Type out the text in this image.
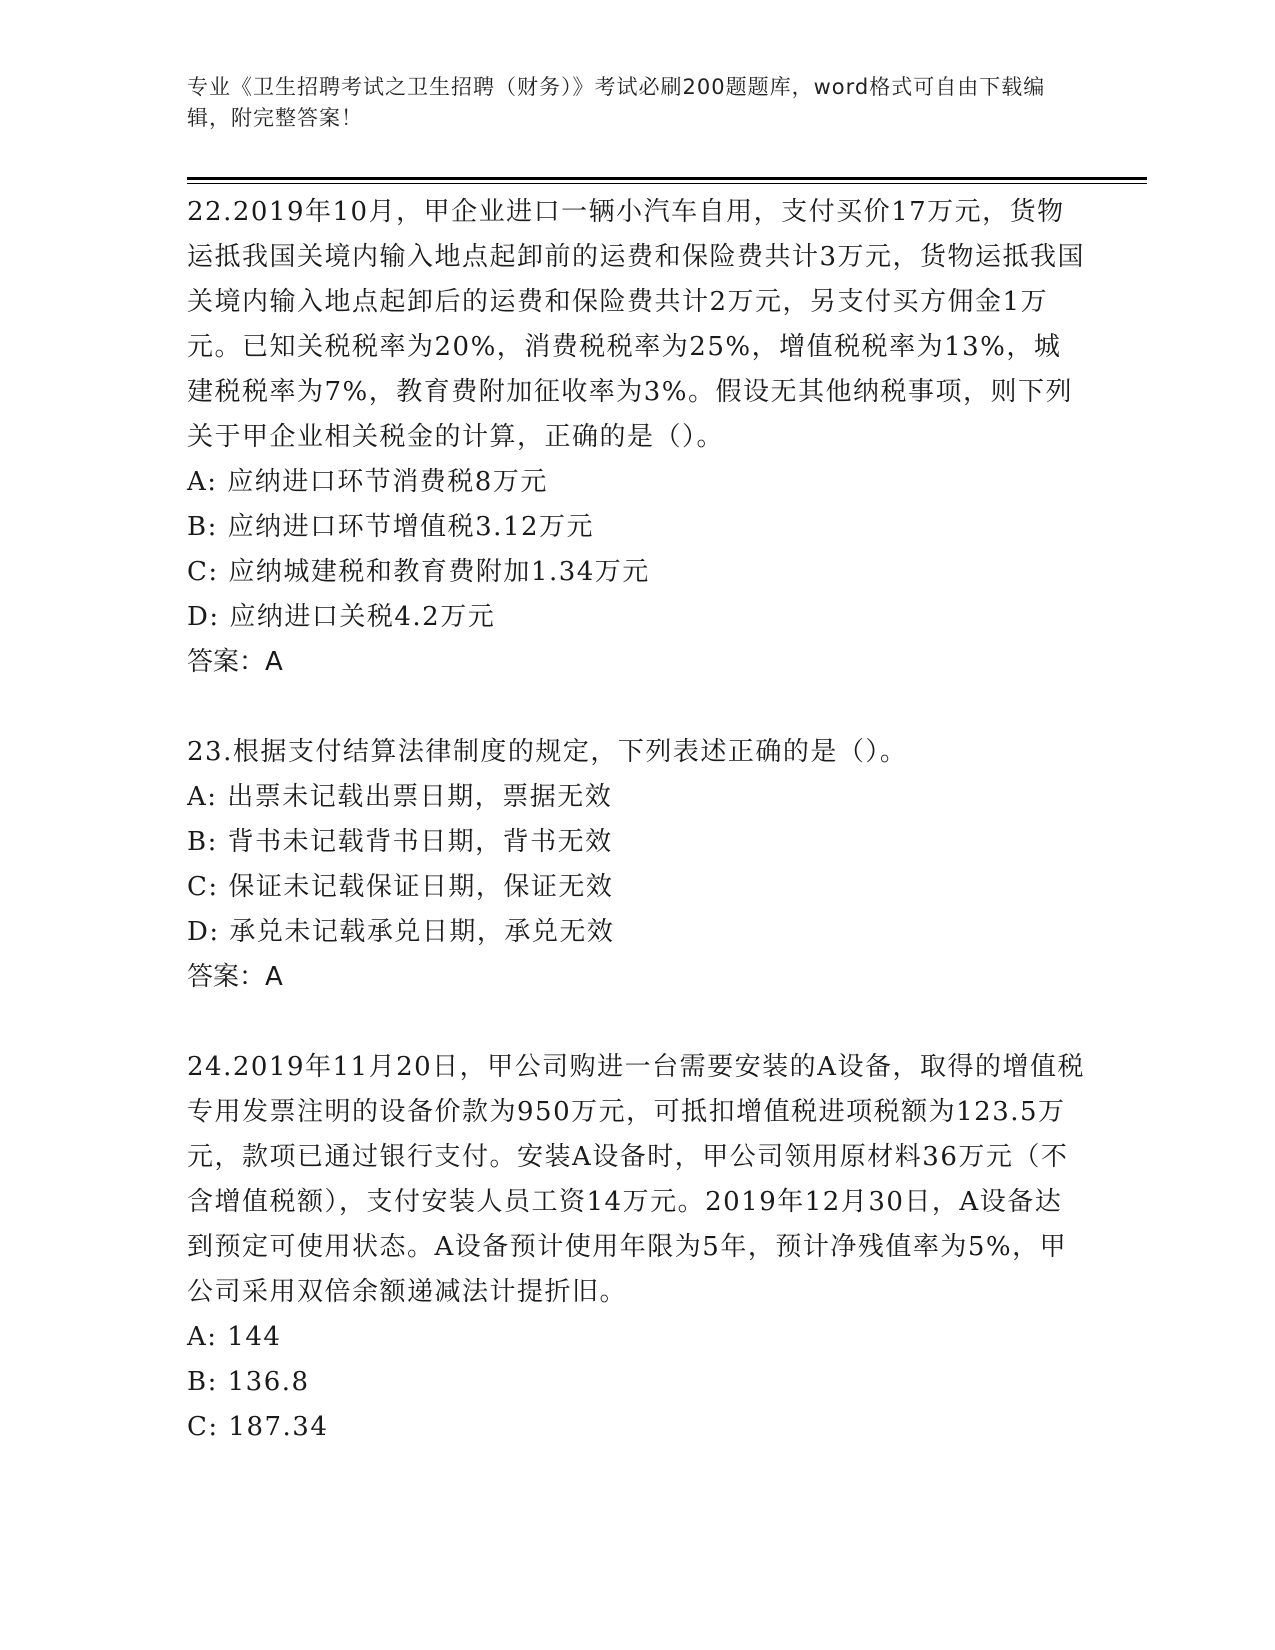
专业《卫生招聘考试之卫生招聘（财务）》考试必刷200题题库，word格式可自由下载编辑，附完整答案！

22.2019年10月，甲企业进口一辆小汽车自用，支付买价17万元，货物运抵我国关境内输入地点起卸前的运费和保险费共计3万元，货物运抵我国关境内输入地点起卸后的运费和保险费共计2万元，另支付买方佣金1万元。已知关税税率为20%，消费税税率为25%，增值税税率为13%，城建税税率为7%，教育费附加征收率为3%。假设无其他纳税事项，则下列关于甲企业相关税金的计算，正确的是（）。

A: 应纳进口环节消费税8万元

B: 应纳进口环节增值税3.12万元

C: 应纳城建税和教育费附加1.34万元

D: 应纳进口关税4.2万元

答案：A

23.根据支付结算法律制度的规定，下列表述正确的是（）。

A: 出票未记载出票日期，票据无效

B: 背书未记载背书日期，背书无效

C: 保证未记载保证日期，保证无效

D: 承兑未记载承兑日期，承兑无效

答案：A

24.2019年11月20日，甲公司购进一台需要安装的A设备，取得的增值税专用发票注明的设备价款为950万元，可抵扣增值税进项税额为123.5万元，款项已通过银行支付。安装A设备时，甲公司领用原材料36万元（不含增值税额），支付安装人员工资14万元。2019年12月30日，A设备达到预定可使用状态。A设备预计使用年限为5年，预计净残值率为5%，甲公司采用双倍余额递减法计提折旧。

A: 144

B: 136.8

C: 187.34
